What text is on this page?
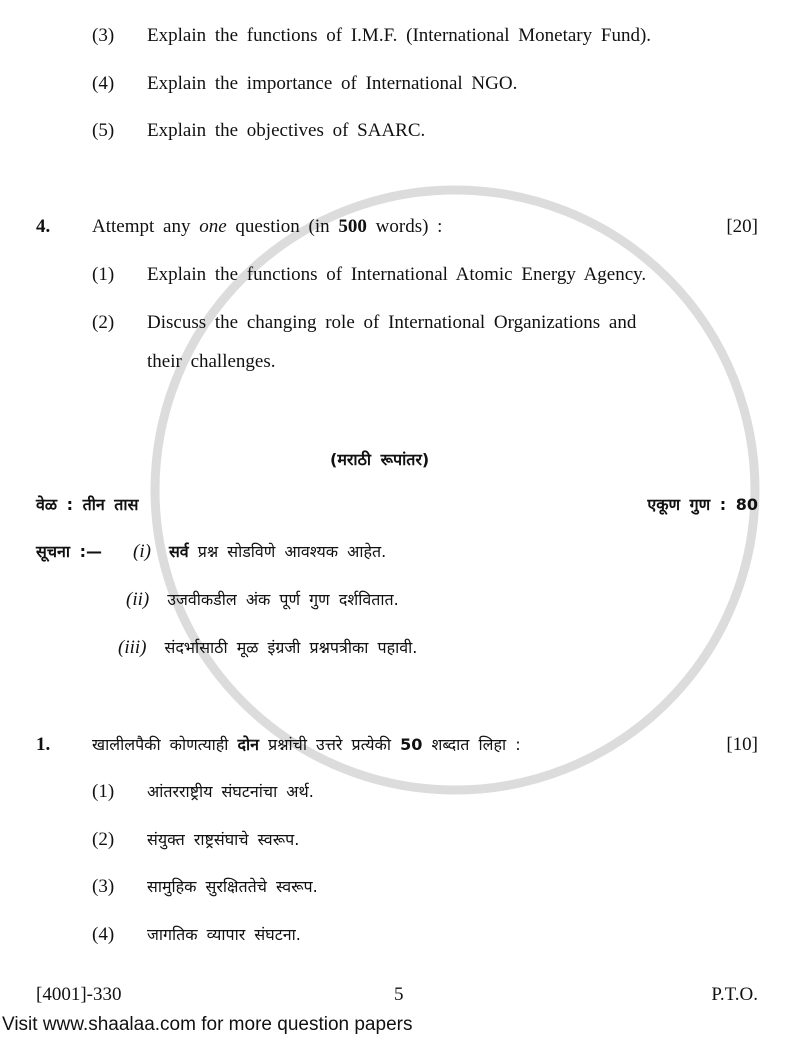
(3) Explain the functions of I.M.F. (International Monetary Fund).
(4) Explain the importance of International NGO.
(5) Explain the objectives of SAARC.
4. Attempt any one question (in 500 words) :	[20]
(1) Explain the functions of International Atomic Energy Agency.
(2) Discuss the changing role of International Organizations and
their challenges.
(मराठी रूपांतर)
वेळ : तीन तास	एकूण गुण : 80
सूचना :— (i) सर्व प्रश्न सोडविणे आवश्यक आहेत.
(ii) उजवीकडील अंक पूर्ण गुण दर्शवितात.
(iii) संदर्भासाठी मूळ इंग्रजी प्रश्नपत्रीका पहावी.
1.	खालीलपैकी कोणत्याही दोन प्रश्नांची उत्तरे प्रत्येकी 50 शब्दात लिहा :	[10]
(1) आंतरराष्ट्रीय संघटनांचा अर्थ.
(2) संयुक्त राष्ट्रसंघाचे स्वरूप.
(3) सामुहिक सुरक्षिततेचे स्वरूप.
(4) जागतिक व्यापार संघटना.
[4001]-330	5	P.T.O.
Visit www.shaalaa.com for more question papers
